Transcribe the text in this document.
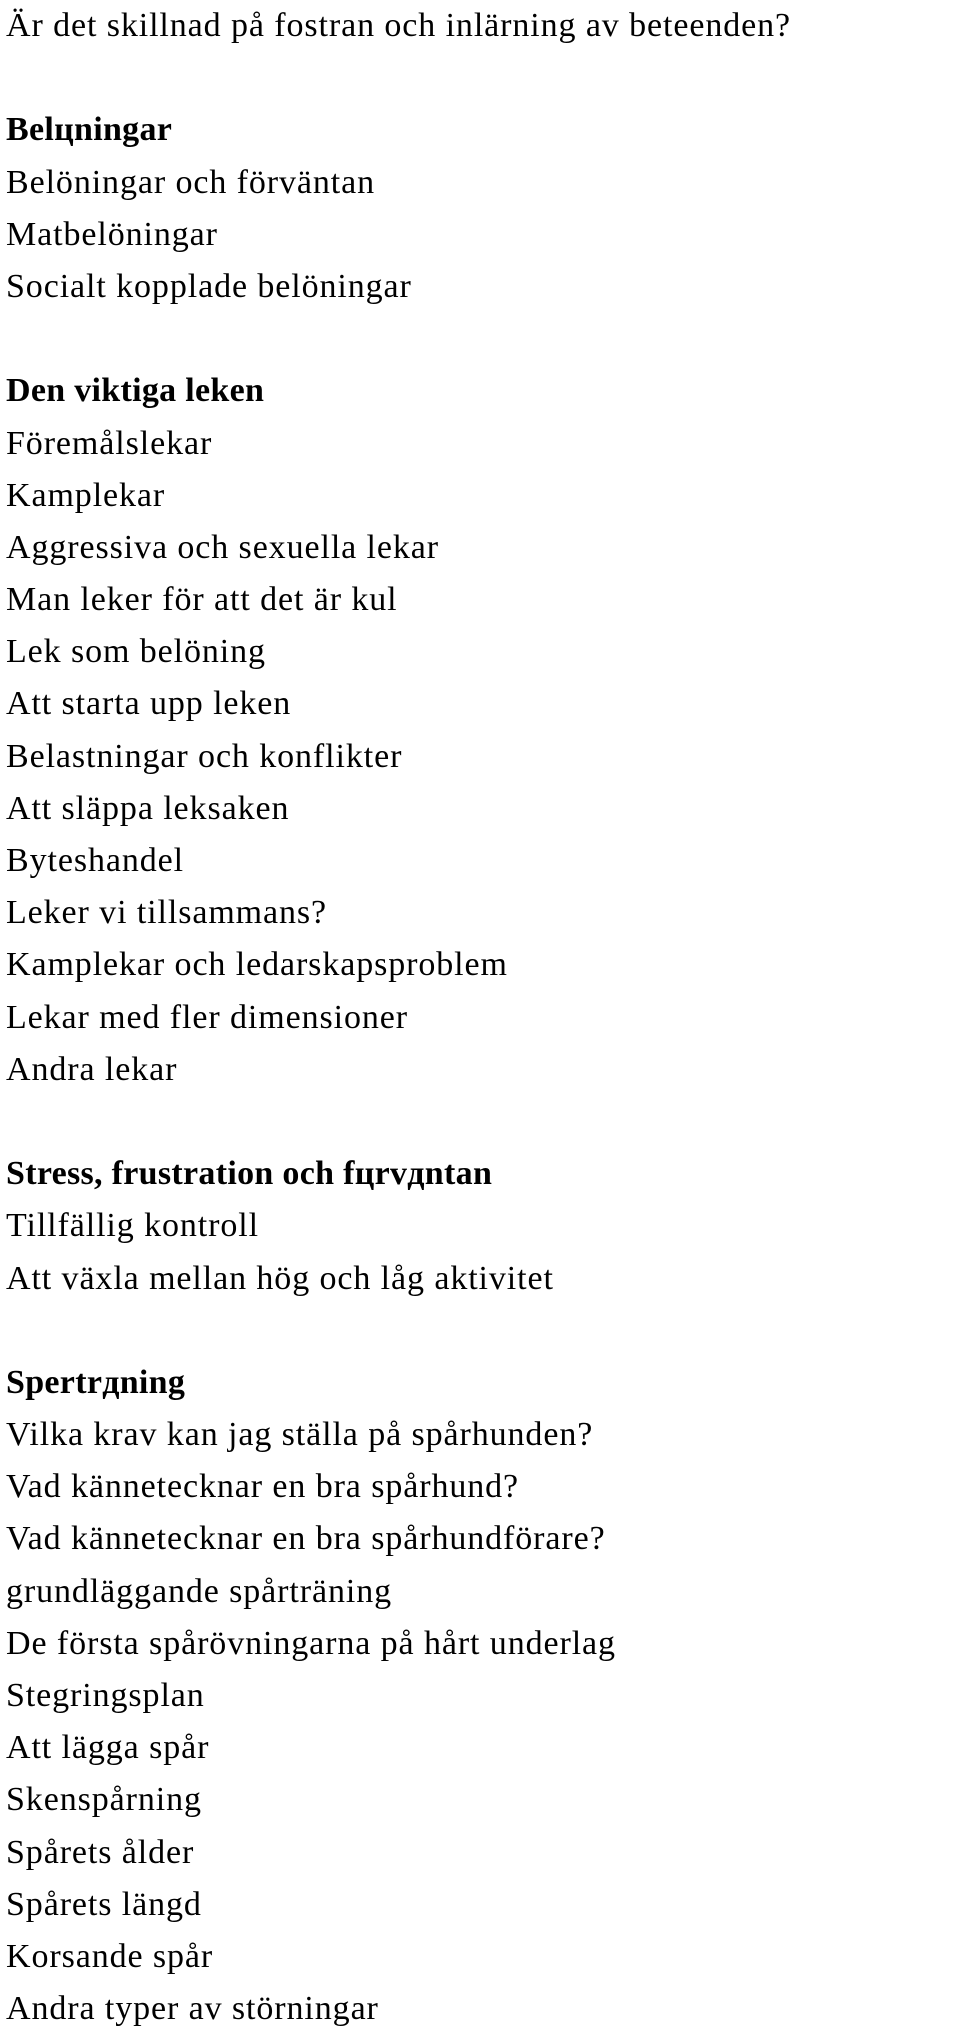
Är det skillnad på fostran och inlärning av beteenden?
Belцningar
Belöningar och förväntan
Matbelöningar
Socialt kopplade belöningar
Den viktiga leken
Föremålslekar
Kamplekar
Aggressiva och sexuella lekar
Man leker för att det är kul
Lek som belöning
Att starta upp leken
Belastningar och konflikter
Att släppa leksaken
Byteshandel
Leker vi tillsammans?
Kamplekar och ledarskapsproblem
Lekar med fler dimensioner
Andra lekar
Stress, frustration och fцrvдntan
Tillfällig kontroll
Att växla mellan hög och låg aktivitet
Spertrдning
Vilka krav kan jag ställa på spårhunden?
Vad kännetecknar en bra spårhund?
Vad kännetecknar en bra spårhundförare?
grundläggande spårträning
De första spårövningarna på hårt underlag
Stegringsplan
Att lägga spår
Skenspårning
Spårets ålder
Spårets längd
Korsande spår
Andra typer av störningar
